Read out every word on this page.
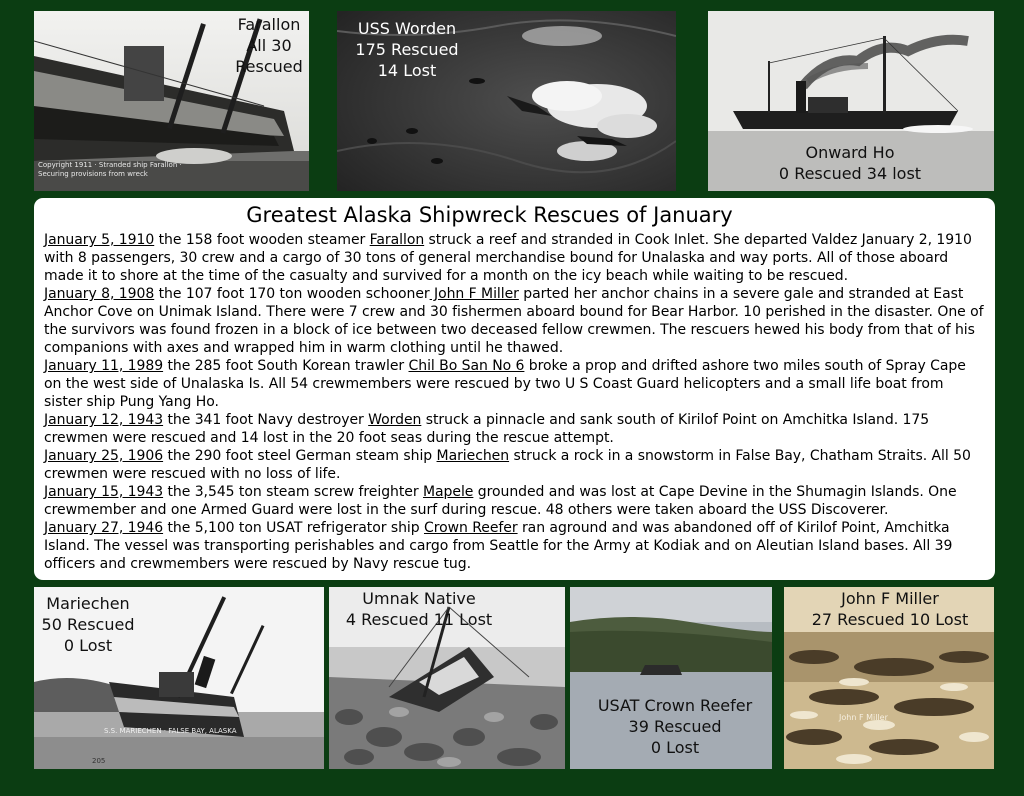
Copyright 1911 · Stranded ship Farallon · Securing provisions from wreck
Farallon
All 30
Rescued
USS Worden
175 Rescued
14 Lost
Onward Ho
0 Rescued 34 lost
Greatest Alaska Shipwreck Rescues of January

January 5, 1910 the 158 foot wooden steamer Farallon struck a reef and stranded in Cook Inlet. She departed Valdez January 2, 1910 with 8 passengers, 30 crew and a cargo of 30 tons of general merchandise bound for Unalaska and way ports. All of those aboard made it to shore at the time of the casualty and survived for a month on the icy beach while waiting to be rescued.

January 8, 1908 the 107 foot 170 ton wooden schooner John F Miller parted her anchor chains in a severe gale and stranded at East Anchor Cove on Unimak Island. There were 7 crew and 30 fishermen aboard bound for Bear Harbor. 10 perished in the disaster. One of the survivors was found frozen in a block of ice between two deceased fellow crewmen. The rescuers hewed his body from that of his companions with axes and wrapped him in warm clothing until he thawed.

January 11, 1989 the 285 foot South Korean trawler Chil Bo San No 6 broke a prop and drifted ashore two miles south of Spray Cape on the west side of Unalaska Is. All 54 crewmembers were rescued by two U S Coast Guard helicopters and a small life boat from sister ship Pung Yang Ho.

January 12, 1943 the 341 foot Navy destroyer Worden struck a pinnacle and sank south of Kirilof Point on Amchitka Island. 175 crewmen were rescued and 14 lost in the 20 foot seas during the rescue attempt.

January 25, 1906 the 290 foot steel German steam ship Mariechen struck a rock in a snowstorm in False Bay, Chatham Straits. All 50 crewmen were rescued with no loss of life.

January 15, 1943 the 3,545 ton steam screw freighter Mapele grounded and was lost at Cape Devine in the Shumagin Islands. One crewmember and one Armed Guard were lost in the surf during rescue. 48 others were taken aboard the USS Discoverer.

January 27, 1946 the 5,100 ton USAT refrigerator ship Crown Reefer ran aground and was abandoned off of Kirilof Point, Amchitka Island. The vessel was transporting perishables and cargo from Seattle for the Army at Kodiak and on Aleutian Island bases. All 39 officers and crewmembers were rescued by Navy rescue tug.

S.S. MARIECHEN · FALSE BAY, ALASKA
205
Mariechen
50 Rescued
0 Lost
Umnak Native
4 Rescued 11 Lost
USAT Crown Reefer
39 Rescued
0 Lost
John F Miller
John F Miller
27 Rescued 10 Lost
